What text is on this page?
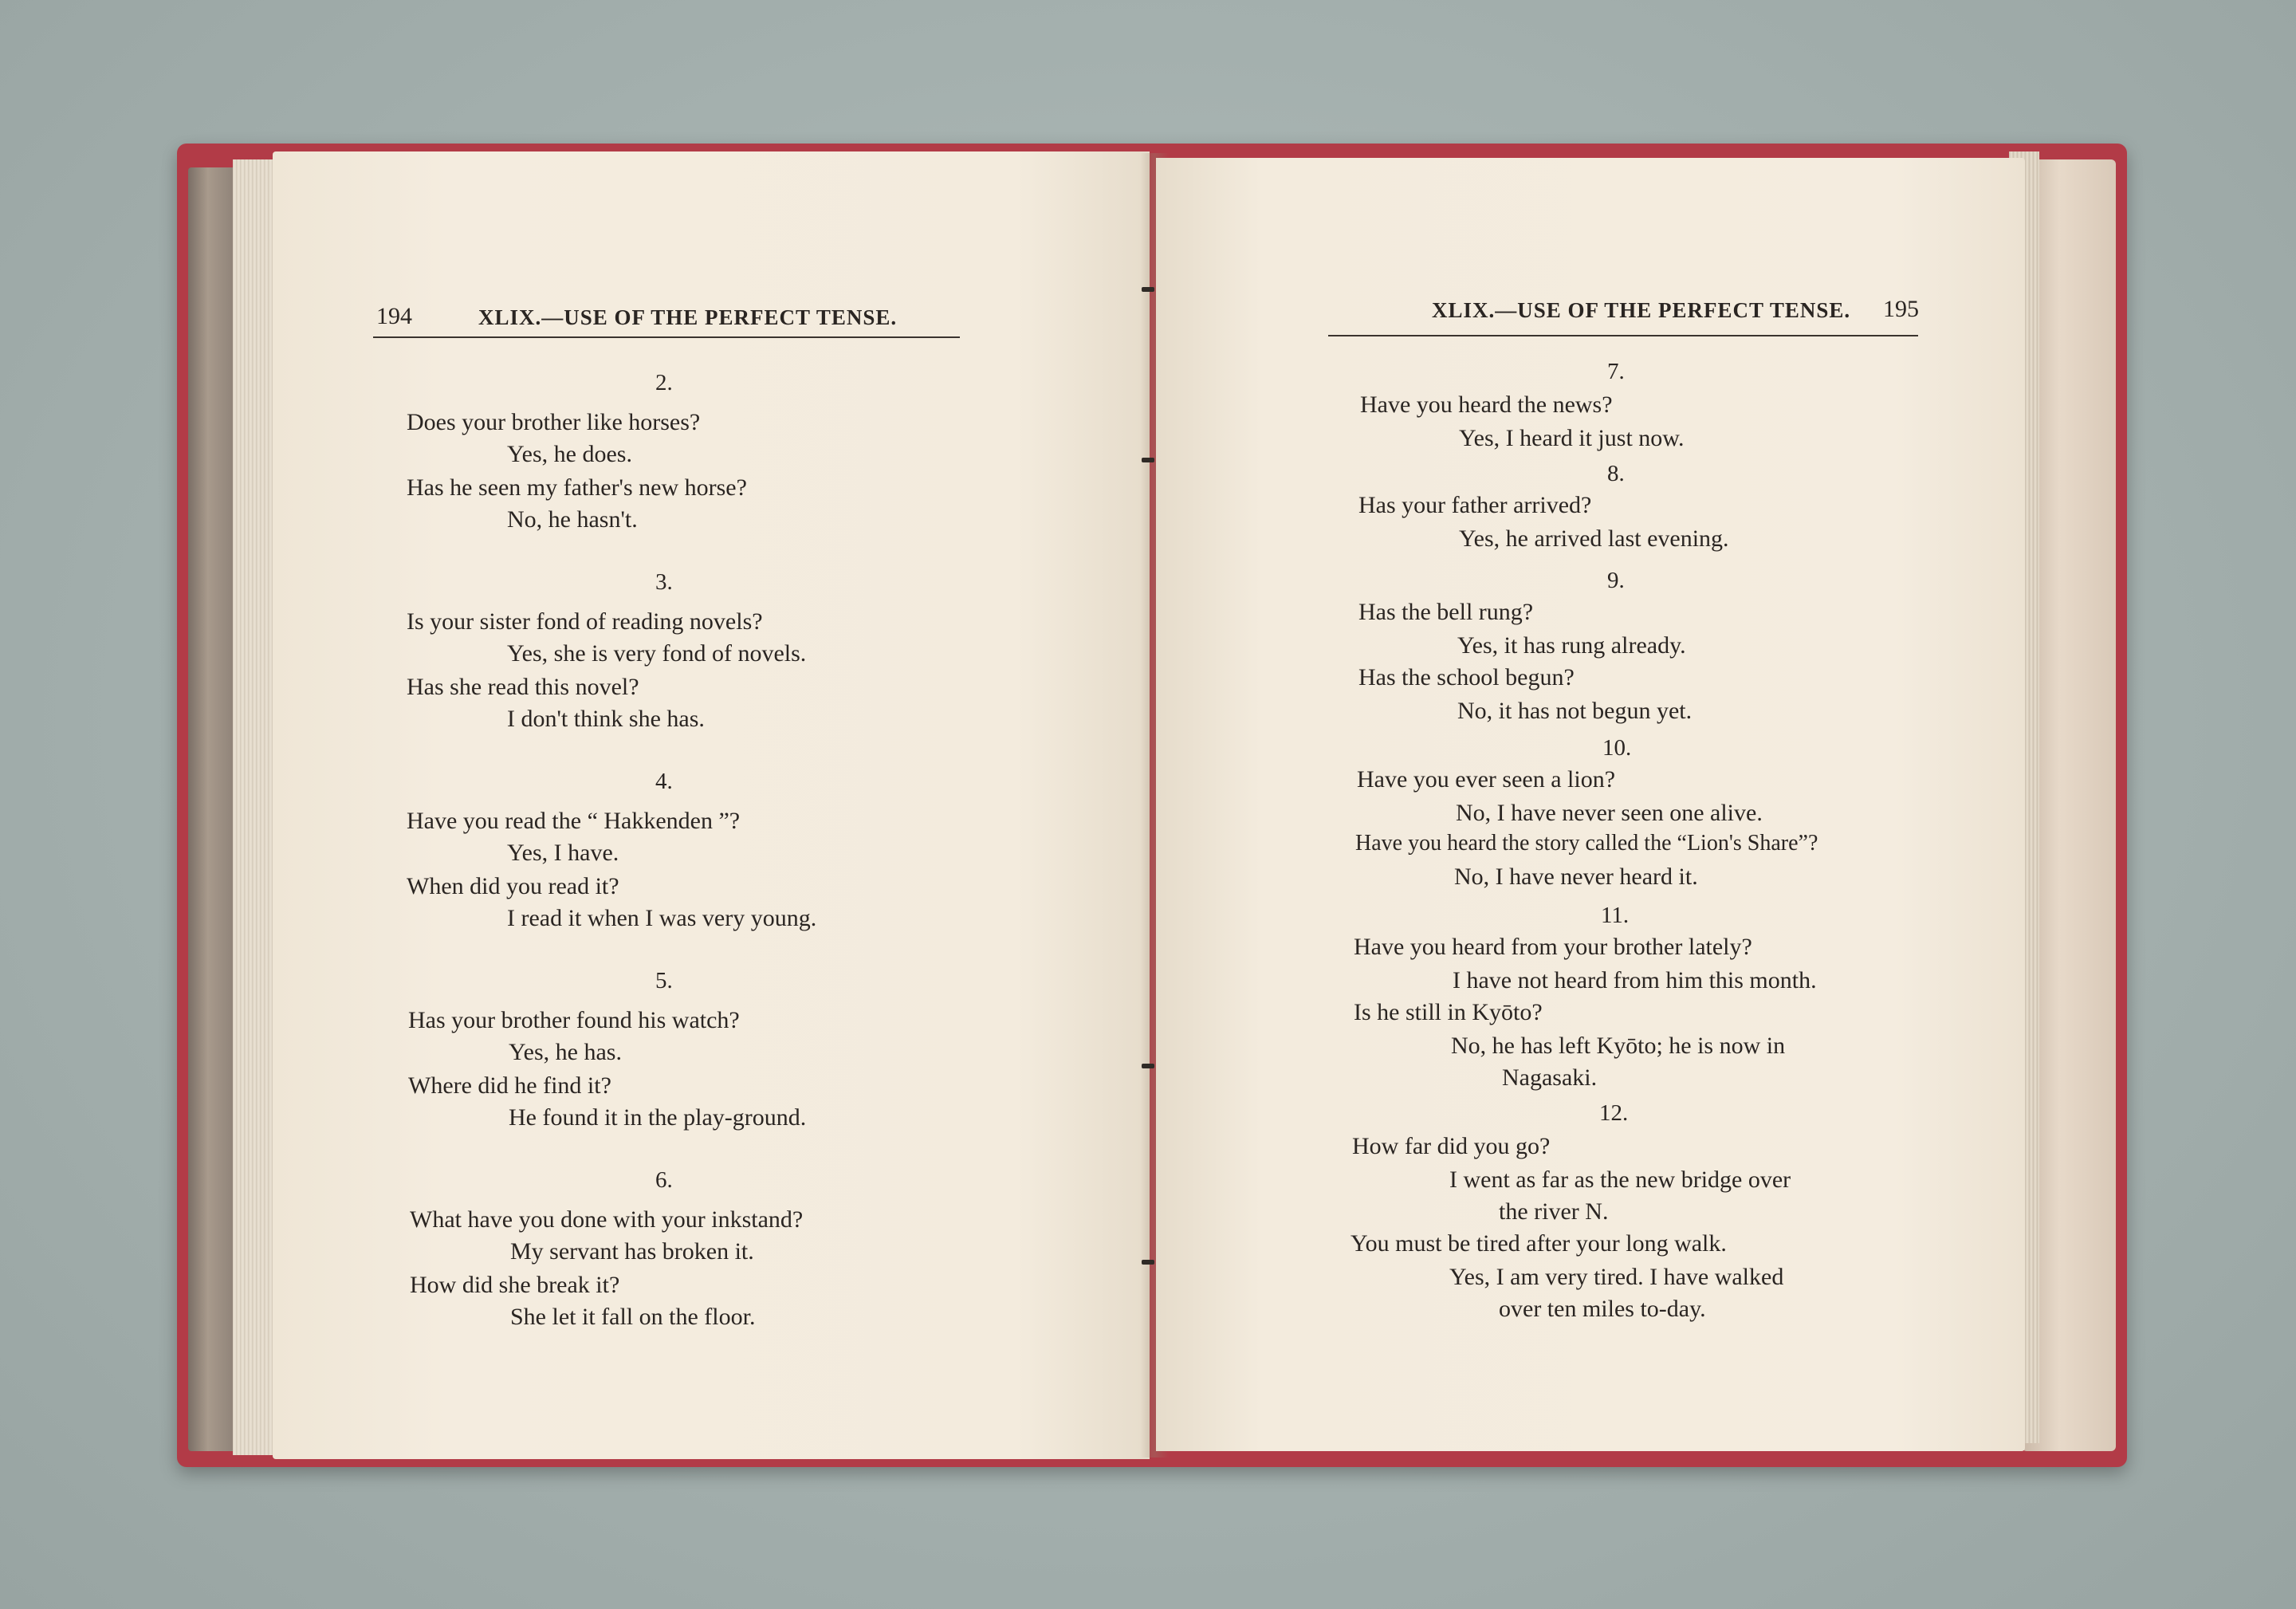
194	XLIX.—USE OF THE PERFECT TENSE.
2.
Does your brother like horses?
Yes, he does.
Has he seen my father's new horse?
No, he hasn't.
3.
Is your sister fond of reading novels?
Yes, she is very fond of novels.
Has she read this novel?
I don't think she has.
4.
Have you read the “ Hakkenden ”?
Yes, I have.
When did you read it?
I read it when I was very young.
5.
Has your brother found his watch?
Yes, he has.
Where did he find it?
He found it in the play-ground.
6.
What have you done with your inkstand?
My servant has broken it.
How did she break it?
She let it fall on the floor.
XLIX.—USE OF THE PERFECT TENSE. 195
7.
Have you heard the news?
Yes, I heard it just now.
8.
Has your father arrived?
Yes, he arrived last evening.
9.
Has the bell rung?
Yes, it has rung already.
Has the school begun?
No, it has not begun yet.
10.
Have you ever seen a lion?
No, I have never seen one alive.
Have you heard the story called the “Lion's Share”?
No, I have never heard it.
11.
Have you heard from your brother lately?
I have not heard from him this month.
Is he still in Kyōto?
No, he has left Kyōto; he is now in
Nagasaki.
12.
How far did you go?
I went as far as the new bridge over
the river N.
You must be tired after your long walk.
Yes, I am very tired. I have walked
over ten miles to-day.
